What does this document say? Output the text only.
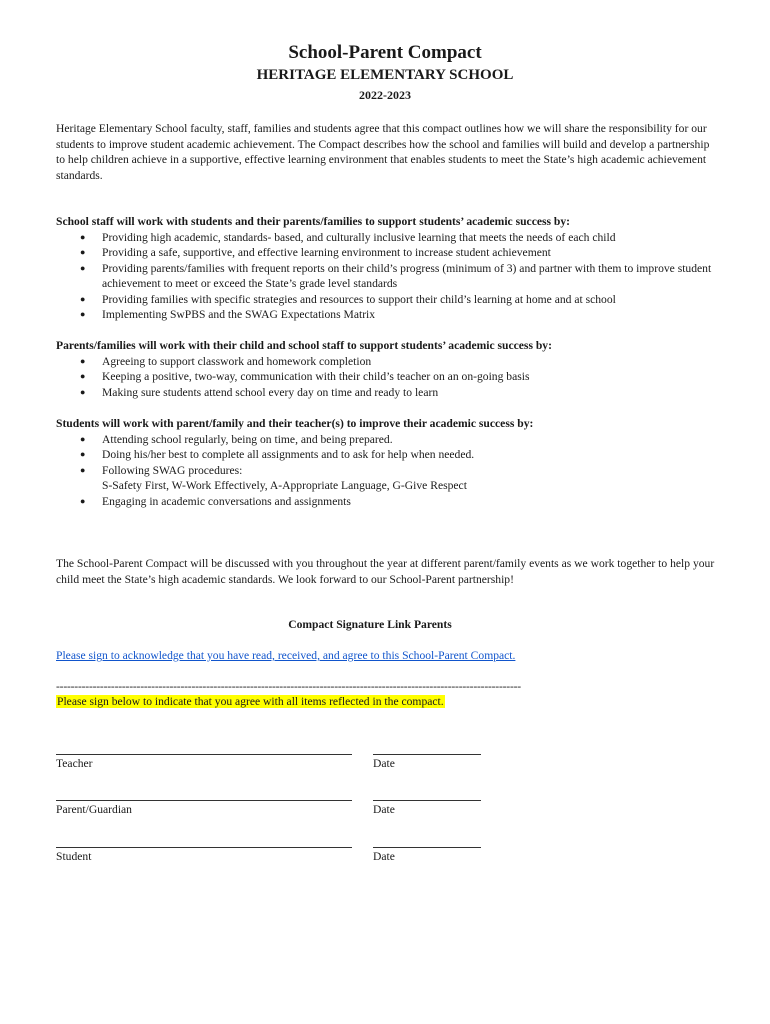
School-Parent Compact
HERITAGE ELEMENTARY SCHOOL
2022-2023
Heritage Elementary School faculty, staff, families and students agree that this compact outlines how we will share the responsibility for our students to improve student academic achievement. The Compact describes how the school and families will build and develop a partnership to help children achieve in a supportive, effective learning environment that enables students to meet the State’s high academic achievement standards.
School staff will work with students and their parents/families to support students’ academic success by:
● Providing high academic, standards- based, and culturally inclusive learning that meets the needs of each child
● Providing a safe, supportive, and effective learning environment to increase student achievement
● Providing parents/families with frequent reports on their child’s progress (minimum of 3) and partner with them to improve student achievement to meet or exceed the State’s grade level standards
● Providing families with specific strategies and resources to support their child’s learning at home and at school
● Implementing SwPBS and the SWAG Expectations Matrix
Parents/families will work with their child and school staff to support students’ academic success by:
● Agreeing to support classwork and homework completion
● Keeping a positive, two-way, communication with their child’s teacher on an on-going basis
● Making sure students attend school every day on time and ready to learn
Students will work with parent/family and their teacher(s) to improve their academic success by:
● Attending school regularly, being on time, and being prepared.
● Doing his/her best to complete all assignments and to ask for help when needed.
● Following SWAG procedures:
S-Safety First, W-Work Effectively, A-Appropriate Language, G-Give Respect
● Engaging in academic conversations and assignments
The School-Parent Compact will be discussed with you throughout the year at different parent/family events as we work together to help your child meet the State’s high academic standards. We look forward to our School-Parent partnership!
Compact Signature Link Parents
Please sign to acknowledge that you have read, received, and agree to this School-Parent Compact.
-------------------------------------------------------------------------------------------------------------------------------
Please sign below to indicate that you agree with all items reflected in the compact.
Teacher	Date
Parent/Guardian	Date
Student	Date
